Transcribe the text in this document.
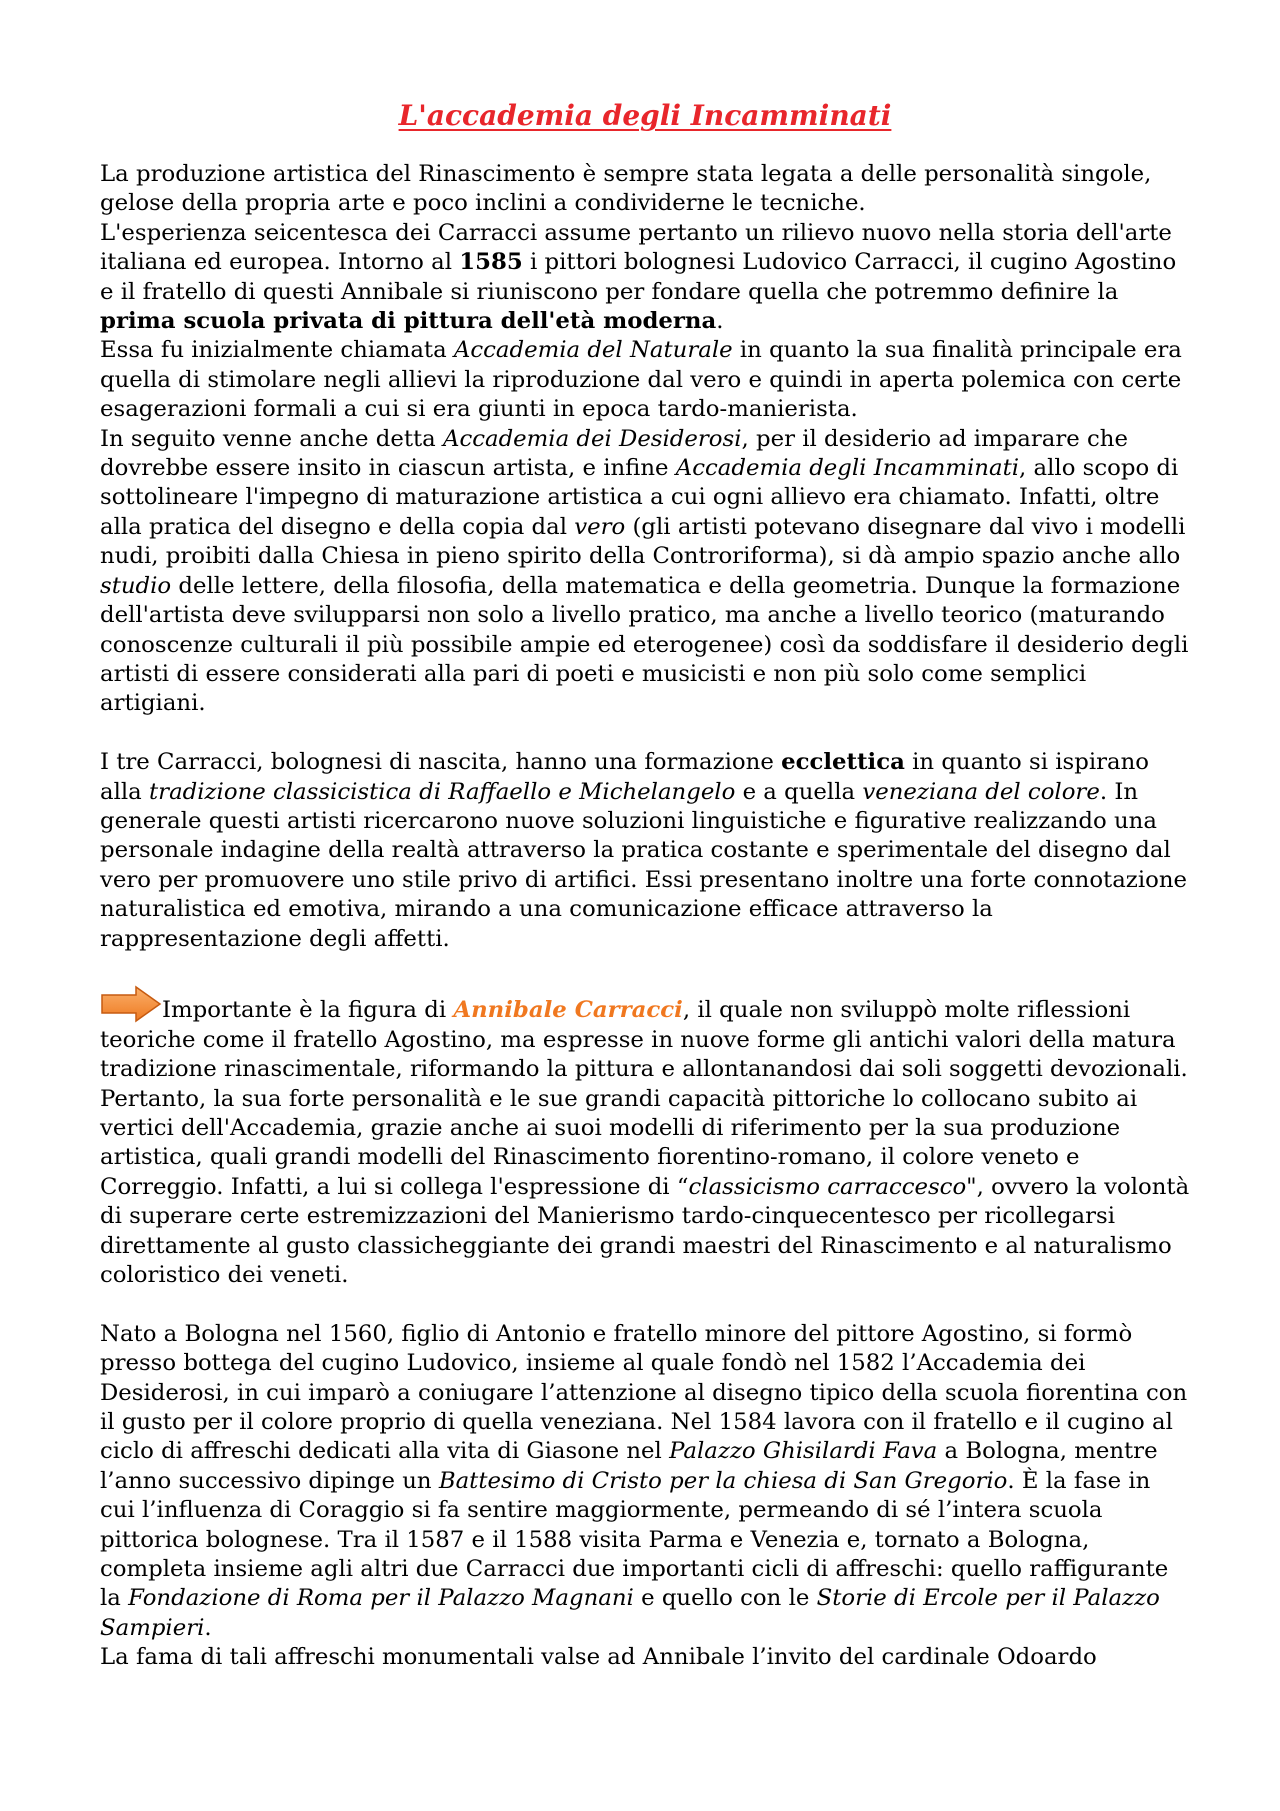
L'accademia degli Incamminati

La produzione artistica del Rinascimento è sempre stata legata a delle personalità singole, gelose della propria arte e poco inclini a condividerne le tecniche.
L'esperienza seicentesca dei Carracci assume pertanto un rilievo nuovo nella storia dell'arte italiana ed europea. Intorno al 1585 i pittori bolognesi Ludovico Carracci, il cugino Agostino e il fratello di questi Annibale si riuniscono per fondare quella che potremmo definire la prima scuola privata di pittura dell'età moderna.
Essa fu inizialmente chiamata Accademia del Naturale in quanto la sua finalità principale era quella di stimolare negli allievi la riproduzione dal vero e quindi in aperta polemica con certe esagerazioni formali a cui si era giunti in epoca tardo-manierista.
In seguito venne anche detta Accademia dei Desiderosi, per il desiderio ad imparare che dovrebbe essere insito in ciascun artista, e infine Accademia degli Incamminati, allo scopo di sottolineare l'impegno di maturazione artistica a cui ogni allievo era chiamato. Infatti, oltre alla pratica del disegno e della copia dal vero (gli artisti potevano disegnare dal vivo i modelli nudi, proibiti dalla Chiesa in pieno spirito della Controriforma), si dà ampio spazio anche allo studio delle lettere, della filosofia, della matematica e della geometria. Dunque la formazione dell'artista deve svilupparsi non solo a livello pratico, ma anche a livello teorico (maturando conoscenze culturali il più possibile ampie ed eterogenee) così da soddisfare il desiderio degli artisti di essere considerati alla pari di poeti e musicisti e non più solo come semplici artigiani.

I tre Carracci, bolognesi di nascita, hanno una formazione ecclettica in quanto si ispirano alla tradizione classicistica di Raffaello e Michelangelo e a quella veneziana del colore. In generale questi artisti ricercarono nuove soluzioni linguistiche e figurative realizzando una personale indagine della realtà attraverso la pratica costante e sperimentale del disegno dal vero per promuovere uno stile privo di artifici. Essi presentano inoltre una forte connotazione naturalistica ed emotiva, mirando a una comunicazione efficace attraverso la rappresentazione degli affetti.

Importante è la figura di Annibale Carracci, il quale non sviluppò molte riflessioni teoriche come il fratello Agostino, ma espresse in nuove forme gli antichi valori della matura tradizione rinascimentale, riformando la pittura e allontanandosi dai soli soggetti devozionali. Pertanto, la sua forte personalità e le sue grandi capacità pittoriche lo collocano subito ai vertici dell'Accademia, grazie anche ai suoi modelli di riferimento per la sua produzione artistica, quali grandi modelli del Rinascimento fiorentino-romano, il colore veneto e Correggio. Infatti, a lui si collega l'espressione di “classicismo carraccesco", ovvero la volontà di superare certe estremizzazioni del Manierismo tardo-cinquecentesco per ricollegarsi direttamente al gusto classicheggiante dei grandi maestri del Rinascimento e al naturalismo coloristico dei veneti.

Nato a Bologna nel 1560, figlio di Antonio e fratello minore del pittore Agostino, si formò presso bottega del cugino Ludovico, insieme al quale fondò nel 1582 l’Accademia dei Desiderosi, in cui imparò a coniugare l’attenzione al disegno tipico della scuola fiorentina con il gusto per il colore proprio di quella veneziana. Nel 1584 lavora con il fratello e il cugino al ciclo di affreschi dedicati alla vita di Giasone nel Palazzo Ghisilardi Fava a Bologna, mentre l’anno successivo dipinge un Battesimo di Cristo per la chiesa di San Gregorio. È la fase in cui l’influenza di Coraggio si fa sentire maggiormente, permeando di sé l’intera scuola pittorica bolognese. Tra il 1587 e il 1588 visita Parma e Venezia e, tornato a Bologna, completa insieme agli altri due Carracci due importanti cicli di affreschi: quello raffigurante la Fondazione di Roma per il Palazzo Magnani e quello con le Storie di Ercole per il Palazzo Sampieri.
La fama di tali affreschi monumentali valse ad Annibale l’invito del cardinale Odoardo
